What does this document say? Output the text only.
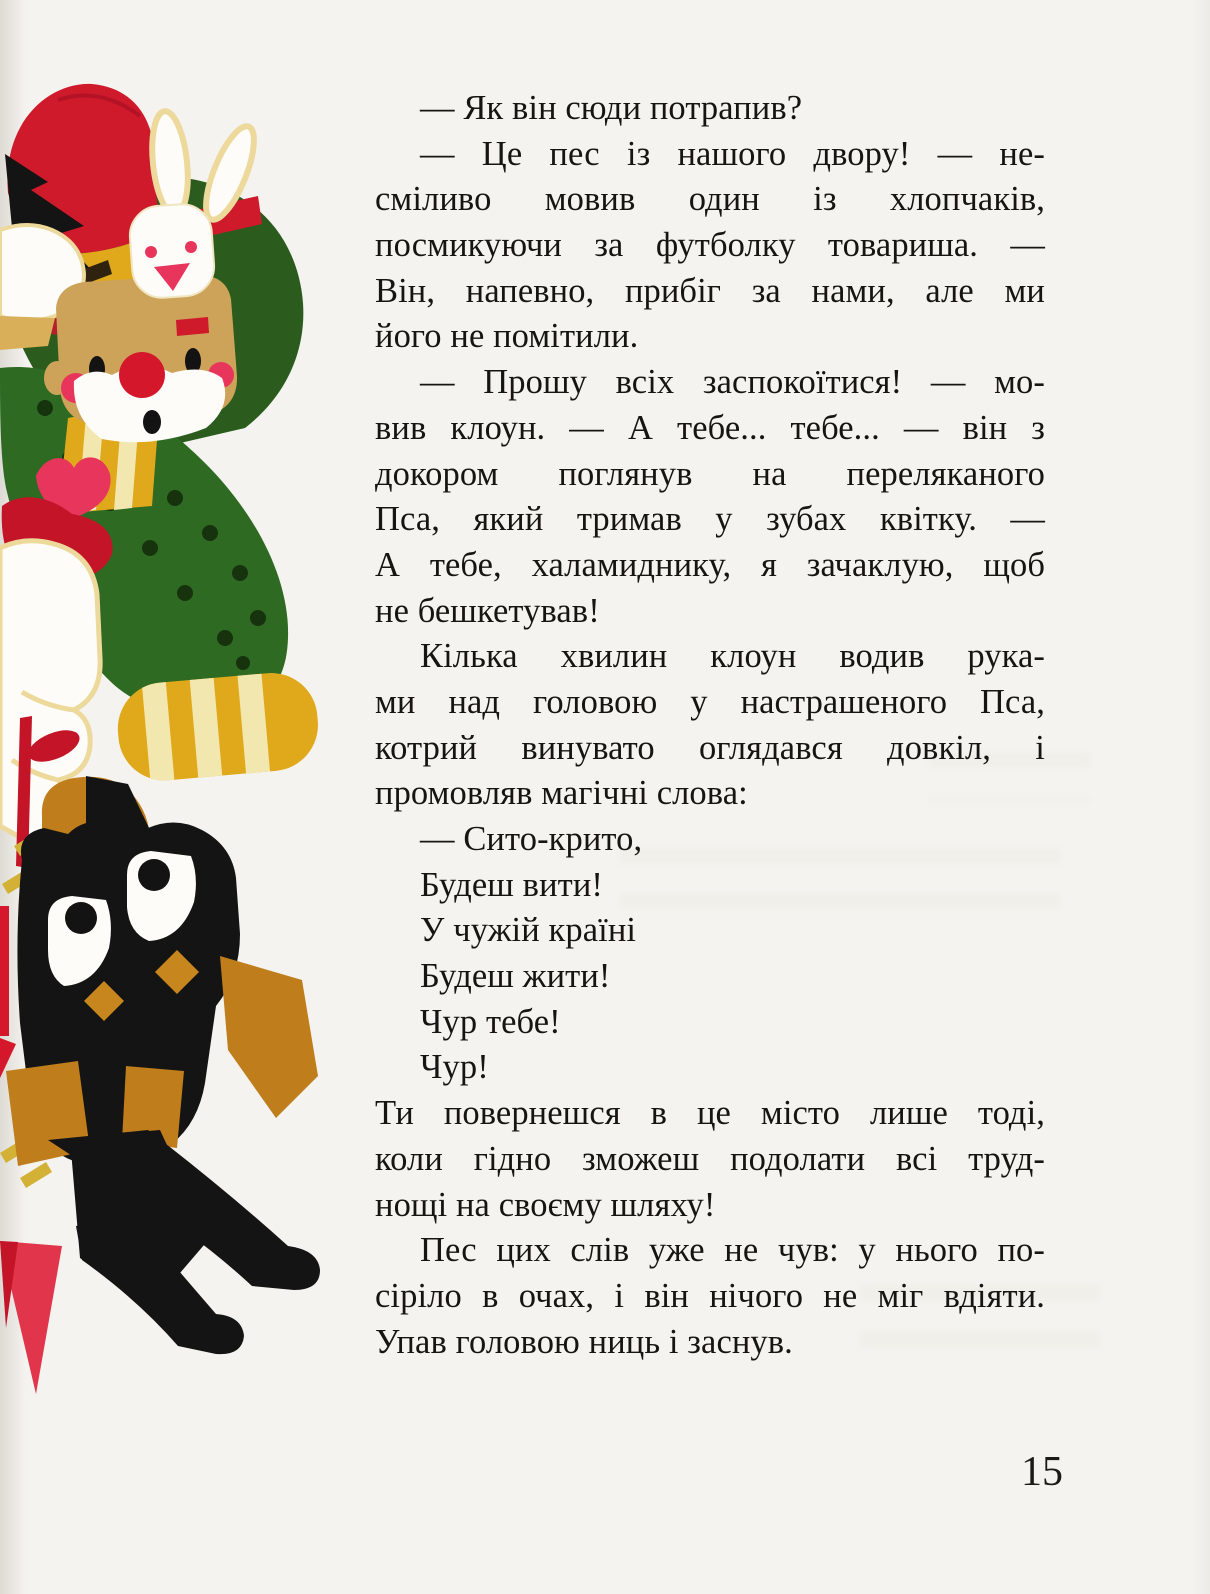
— Як він сюди потрапив?
— Це пес із нашого двору! — не-
сміливо мовив один із хлопчаків,
посмикуючи за футболку товариша. —
Він, напевно, прибіг за нами, але ми
його не помітили.
— Прошу всіх заспокоїтися! — мо-
вив клоун. — А тебе... тебе... — він з
докором поглянув на переляканого
Пса, який тримав у зубах квітку. —
А тебе, халамиднику, я зачаклую, щоб
не бешкетував!
Кілька хвилин клоун водив рука-
ми над головою у настрашеного Пса,
котрий винувато оглядався довкіл, і
промовляв магічні слова:
— Сито-крито,
Будеш вити!
У чужій країні
Будеш жити!
Чур тебе!
Чур!
Ти повернешся в це місто лише тоді,
коли гідно зможеш подолати всі труд-
нощі на своєму шляху!
Пес цих слів уже не чув: у нього по-
сіріло в очах, і він нічого не міг вдіяти.
Упав головою ниць і заснув.
15
